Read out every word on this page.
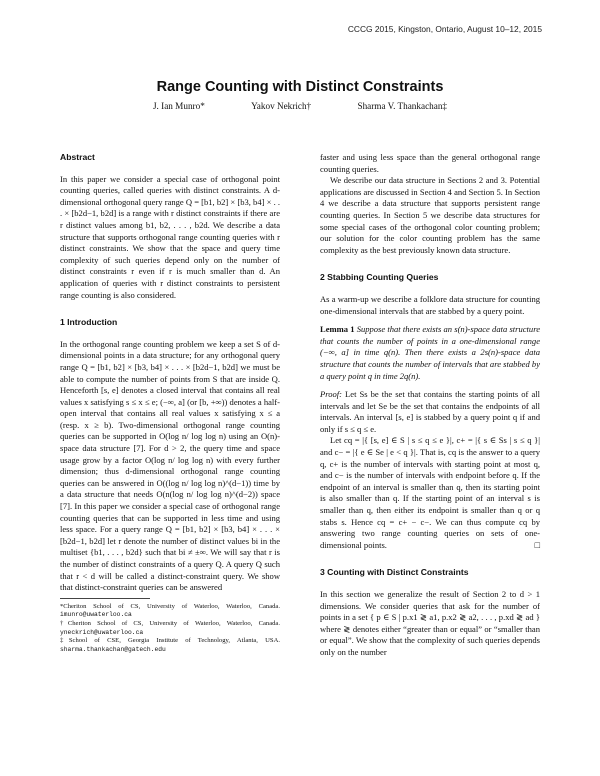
CCCG 2015, Kingston, Ontario, August 10–12, 2015
Range Counting with Distinct Constraints
J. Ian Munro*	Yakov Nekrich†	Sharma V. Thankachan‡
Abstract

In this paper we consider a special case of orthogonal point counting queries, called queries with distinct constraints. A d-dimensional orthogonal query range Q = [b1, b2] × [b3, b4] × . . . × [b2d−1, b2d] is a range with r distinct constraints if there are r distinct values among b1, b2, . . . , b2d. We describe a data structure that supports orthogonal range counting queries with r distinct constraints. We show that the space and query time complexity of such queries depend only on the number of distinct constraints r even if r is much smaller than d. An application of queries with r distinct constraints to persistent range counting is also considered.

1 Introduction

In the orthogonal range counting problem we keep a set S of d-dimensional points in a data structure; for any orthogonal query range Q = [b1, b2] × [b3, b4] × . . . × [b2d−1, b2d] we must be able to compute the number of points from S that are inside Q. Henceforth [s, e] denotes a closed interval that contains all real values x satisfying s ≤ x ≤ e; (−∞, a] (or [b, +∞)) denotes a half-open interval that contains all real values x satisfying x ≤ a (resp. x ≥ b). Two-dimensional orthogonal range counting queries can be supported in O(log n/ log log n) using an O(n)-space data structure [7]. For d > 2, the query time and space usage grow by a factor O(log n/ log log n) with every further dimension; thus d-dimensional orthogonal range counting queries can be answered in O((log n/ log log n)^(d−1)) time by a data structure that needs O(n(log n/ log log n)^(d−2)) space [7]. In this paper we consider a special case of orthogonal range counting queries that can be supported in less time and using less space. For a query range Q = [b1, b2] × [b3, b4] × . . . × [b2d−1, b2d] let r denote the number of distinct values bi in the multiset {b1, . . . , b2d} such that bi ≠ ±∞. We will say that r is the number of distinct constraints of a query Q. A query Q such that r < d will be called a distinct-constraint query. We show that distinct-constraint queries can be answered

*Cheriton School of CS, University of Waterloo, Waterloo, Canada. imunro@uwaterloo.ca

†Cheriton School of CS, University of Waterloo, Waterloo, Canada. yneckrich@uwaterloo.ca

‡School of CSE, Georgia Institute of Technology, Atlanta, USA. sharma.thankachan@gatech.edu

faster and using less space than the general orthogonal range counting queries.

We describe our data structure in Sections 2 and 3. Potential applications are discussed in Section 4 and Section 5. In Section 4 we describe a data structure that supports persistent range counting queries. In Section 5 we describe data structures for some special cases of the orthogonal color counting problem; our solution for the color counting problem has the same complexity as the best previously known data structure.

2 Stabbing Counting Queries

As a warm-up we describe a folklore data structure for counting one-dimensional intervals that are stabbed by a query point.

Lemma 1 Suppose that there exists an s(n)-space data structure that counts the number of points in a one-dimensional range (−∞, a] in time q(n). Then there exists a 2s(n)-space data structure that counts the number of intervals that are stabbed by a query point q in time 2q(n).

Proof: Let Ss be the set that contains the starting points of all intervals and let Se be the set that contains the endpoints of all intervals. An interval [s, e] is stabbed by a query point q if and only if s ≤ q ≤ e.

Let cq = |{ [s, e] ∈ S | s ≤ q ≤ e }|, c+ = |{ s ∈ Ss | s ≤ q }| and c− = |{ e ∈ Se | e < q }|. That is, cq is the answer to a query q, c+ is the number of intervals with starting point at most q, and c− is the number of intervals with endpoint before q. If the endpoint of an interval is smaller than q, then its starting point is also smaller than q. If the starting point of an interval s is smaller than q, then either its endpoint is smaller than q or q stabs s. Hence cq = c+ − c−. We can thus compute cq by answering two range counting queries on sets of one-dimensional points.	□

3 Counting with Distinct Constraints

In this section we generalize the result of Section 2 to d > 1 dimensions. We consider queries that ask for the number of points in a set { p ∈ S | p.x1 ≷ a1, p.x2 ≷ a2, . . . , p.xd ≷ ad } where ≷ denotes either “greater than or equal” or “smaller than or equal”. We show that the complexity of such queries depends only on the number
